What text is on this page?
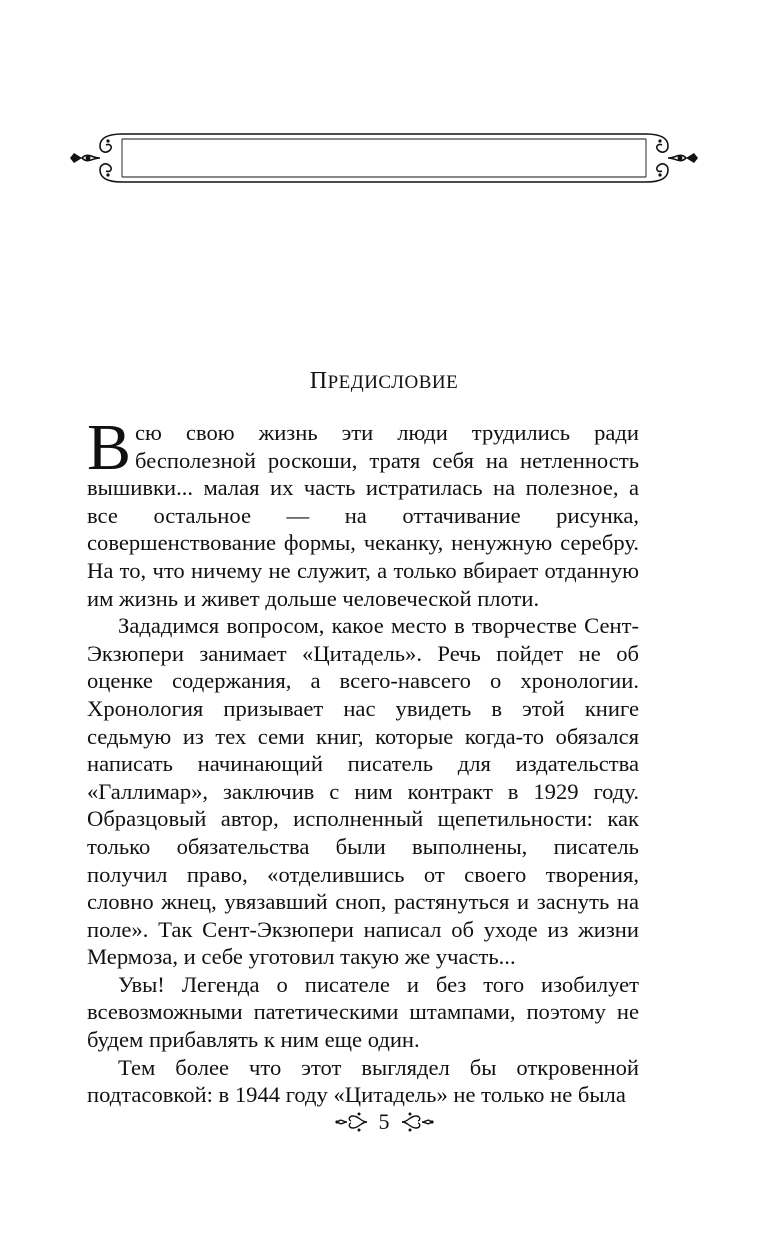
ПРЕДИСЛОВИЕ

Всю свою жизнь эти люди трудились ради бесполезной роскоши, тратя себя на нетленность вышивки... малая их часть истратилась на полезное, а все остальное — на оттачивание рисунка, совершенствование формы, чеканку, ненужную серебру. На то, что ничему не служит, а только вбирает отданную им жизнь и живет дольше человеческой плоти.

Зададимся вопросом, какое место в творчестве Сент-Экзюпери занимает «Цитадель». Речь пойдет не об оценке содержания, а всего-навсего о хронологии. Хронология призывает нас увидеть в этой книге седьмую из тех семи книг, которые когда-то обязался написать начинающий писатель для издательства «Галлимар», заключив с ним контракт в 1929 году. Образцовый автор, исполненный щепетильности: как только обязательства были выполнены, писатель получил право, «отделившись от своего творения, словно жнец, увязавший сноп, растянуться и заснуть на поле». Так Сент-Экзюпери написал об уходе из жизни Мермоза, и себе уготовил такую же участь...

Увы! Легенда о писателе и без того изобилует всевозможными патетическими штампами, поэтому не будем прибавлять к ним еще один.

Тем более что этот выглядел бы откровенной подтасовкой: в 1944 году «Цитадель» не только не была

5
